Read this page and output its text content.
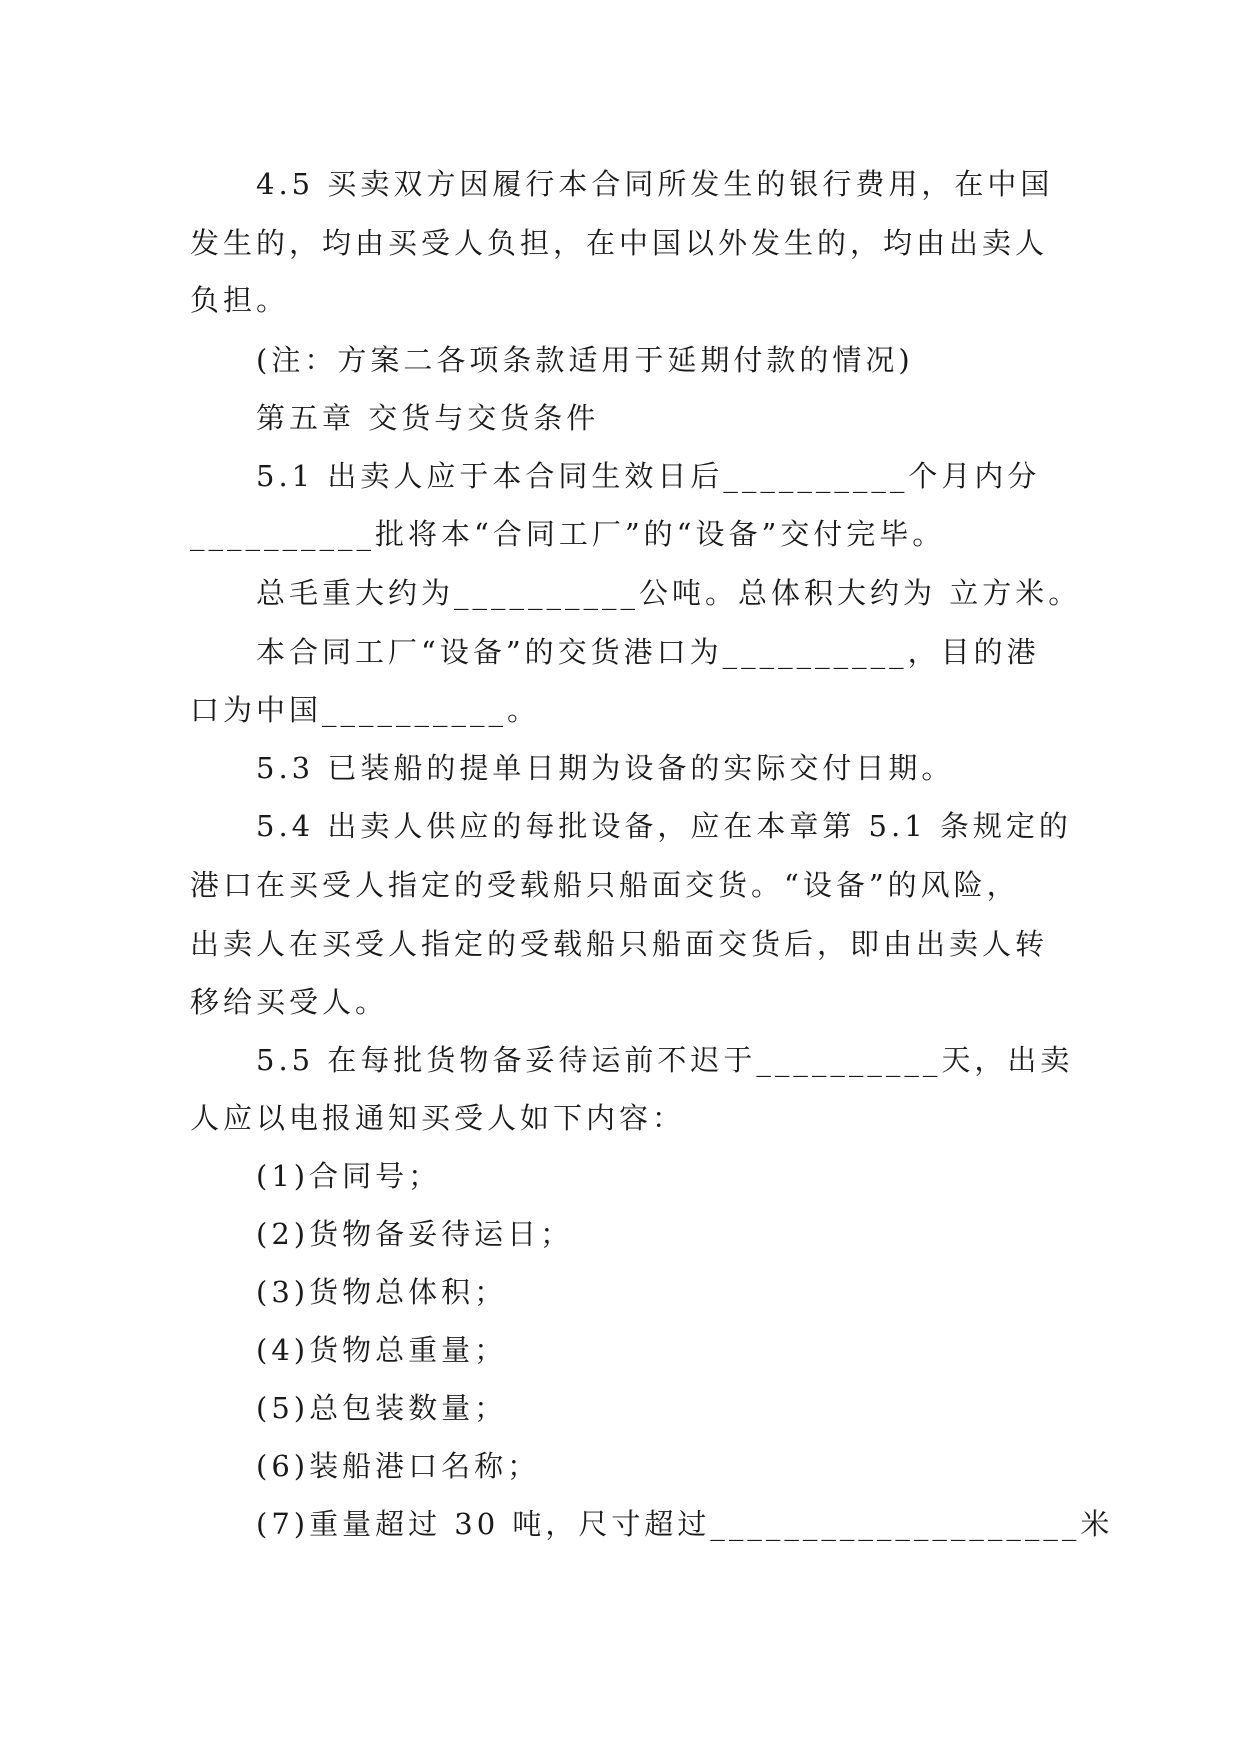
4.5 买卖双方因履行本合同所发生的银行费用，在中国
发生的，均由买受人负担，在中国以外发生的，均由出卖人
负担。
(注：方案二各项条款适用于延期付款的情况)
第五章 交货与交货条件
5.1 出卖人应于本合同生效日后__________个月内分
__________批将本“合同工厂”的“设备”交付完毕。
总毛重大约为__________公吨。总体积大约为 立方米。
本合同工厂“设备”的交货港口为__________，目的港
口为中国__________。
5.3 已装船的提单日期为设备的实际交付日期。
5.4 出卖人供应的每批设备，应在本章第 5.1 条规定的
港口在买受人指定的受载船只船面交货。“设备”的风险，
出卖人在买受人指定的受载船只船面交货后，即由出卖人转
移给买受人。
5.5 在每批货物备妥待运前不迟于__________天，出卖
人应以电报通知买受人如下内容：
(1)合同号；
(2)货物备妥待运日；
(3)货物总体积；
(4)货物总重量；
(5)总包装数量；
(6)装船港口名称；
(7)重量超过 30 吨，尺寸超过____________________米
